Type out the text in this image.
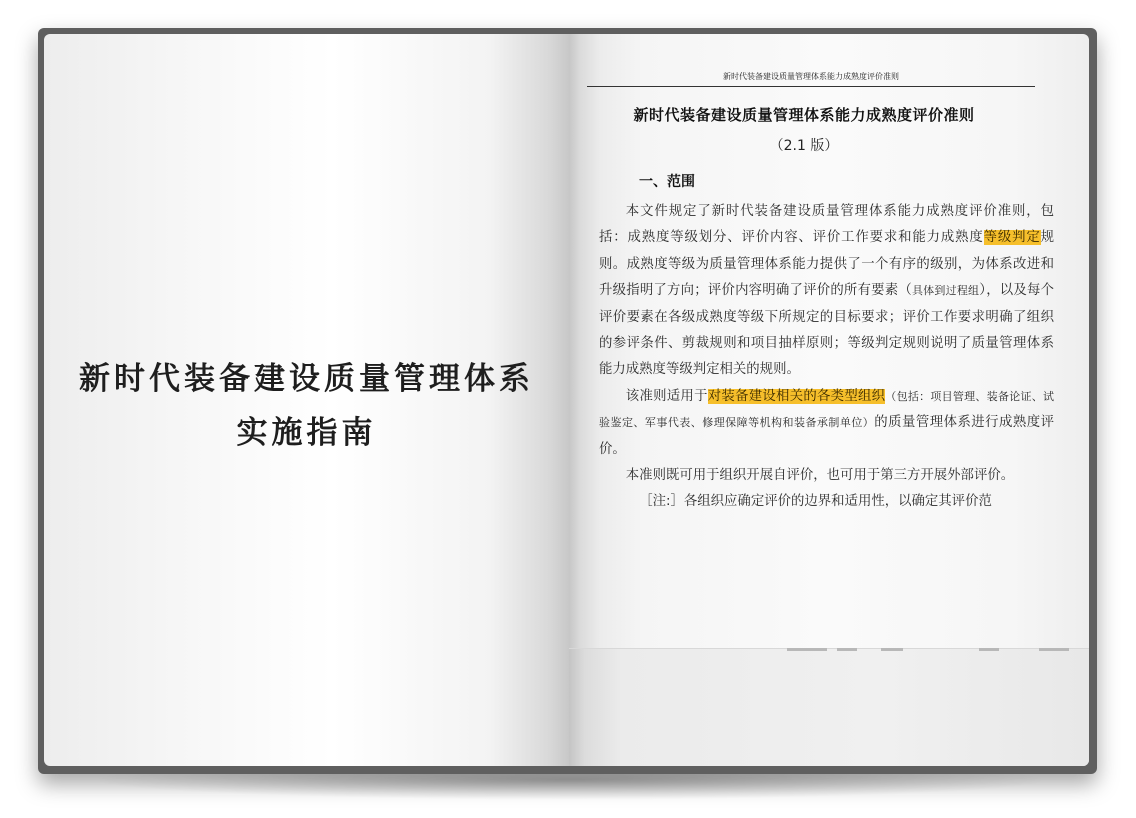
新时代装备建设质量管理体系
实施指南
新时代装备建设质量管理体系能力成熟度评价准则
新时代装备建设质量管理体系能力成熟度评价准则
（2.1 版）
一、范围

本文件规定了新时代装备建设质量管理体系能力成熟度评价准则，包括：成熟度等级划分、评价内容、评价工作要求和能力成熟度等级判定规则。成熟度等级为质量管理体系能力提供了一个有序的级别，为体系改进和升级指明了方向；评价内容明确了评价的所有要素（具体到过程组），以及每个评价要素在各级成熟度等级下所规定的目标要求；评价工作要求明确了组织的参评条件、剪裁规则和项目抽样原则；等级判定规则说明了质量管理体系能力成熟度等级判定相关的规则。

该准则适用于对装备建设相关的各类型组织（包括：项目管理、装备论证、试验鉴定、军事代表、修理保障等机构和装备承制单位）的质量管理体系进行成熟度评价。

本准则既可用于组织开展自评价，也可用于第三方开展外部评价。

［注:］各组织应确定评价的边界和适用性，以确定其评价范
